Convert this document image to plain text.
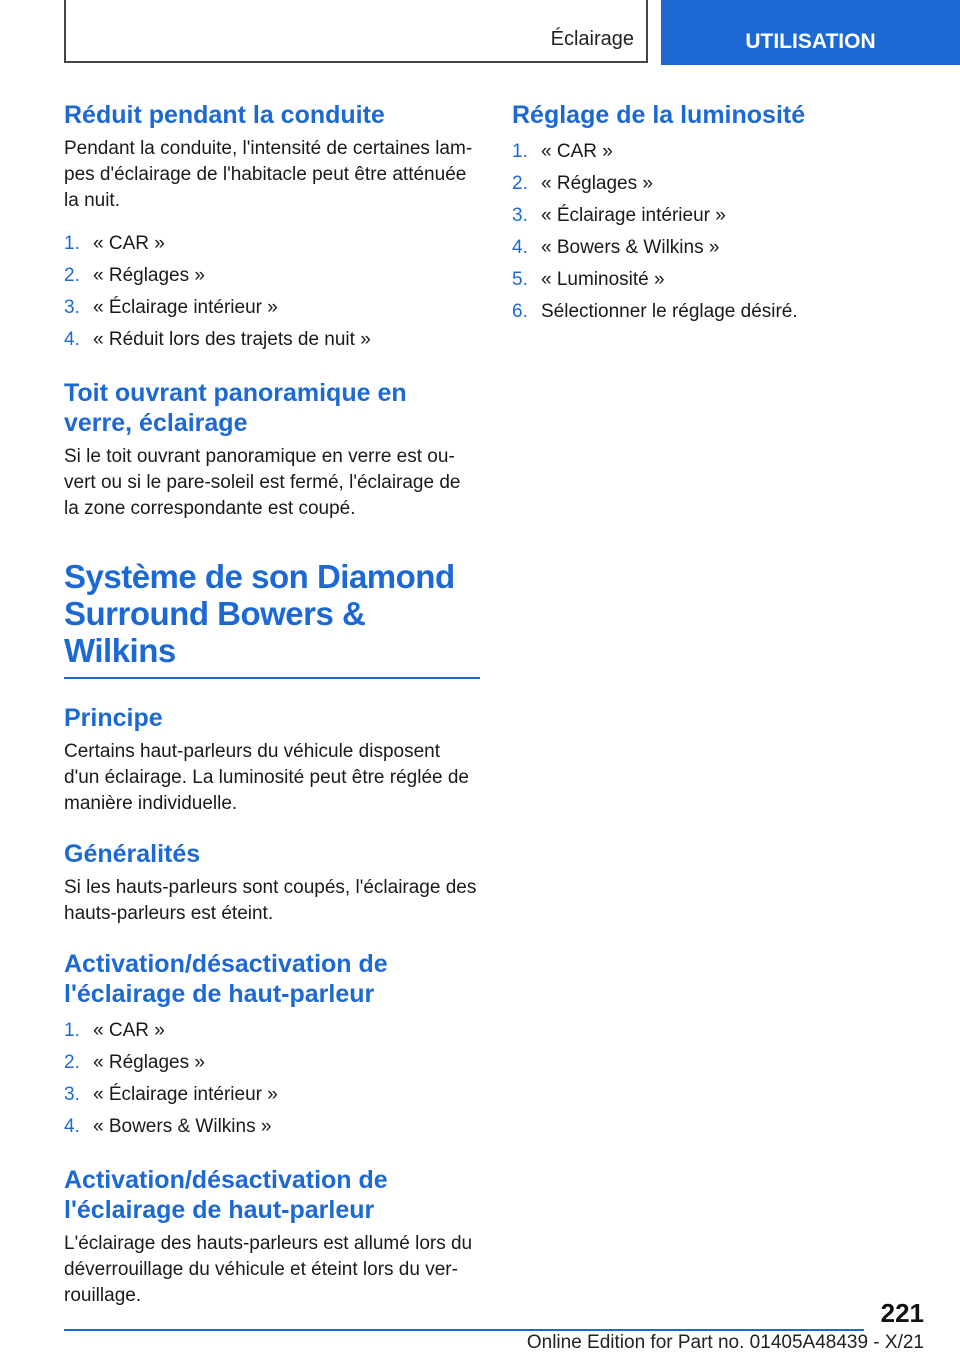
Éclairage	UTILISATION
Réduit pendant la conduite

Pendant la conduite, l'intensité de certaines lampes d'éclairage de l'habitacle peut être atténuée la nuit.

1. « CAR »
2. « Réglages »
3. « Éclairage intérieur »
4. « Réduit lors des trajets de nuit »
Toit ouvrant panoramique en verre, éclairage

Si le toit ouvrant panoramique en verre est ouvert ou si le pare-soleil est fermé, l'éclairage de la zone correspondante est coupé.

Système de son Diamond Surround Bowers & Wilkins
Principe

Certains haut-parleurs du véhicule disposent d'un éclairage. La luminosité peut être réglée de manière individuelle.

Généralités

Si les hauts-parleurs sont coupés, l'éclairage des hauts-parleurs est éteint.

Activation/désactivation de l'éclairage de haut-parleur
1. « CAR »
2. « Réglages »
3. « Éclairage intérieur »
4. « Bowers & Wilkins »
Activation/désactivation de l'éclairage de haut-parleur

L'éclairage des hauts-parleurs est allumé lors du déverrouillage du véhicule et éteint lors du verrouillage.

Réglage de la luminosité
1. « CAR »
2. « Réglages »
3. « Éclairage intérieur »
4. « Bowers & Wilkins »
5. « Luminosité »
6. Sélectionner le réglage désiré.
221
Online Edition for Part no. 01405A48439 - X/21
